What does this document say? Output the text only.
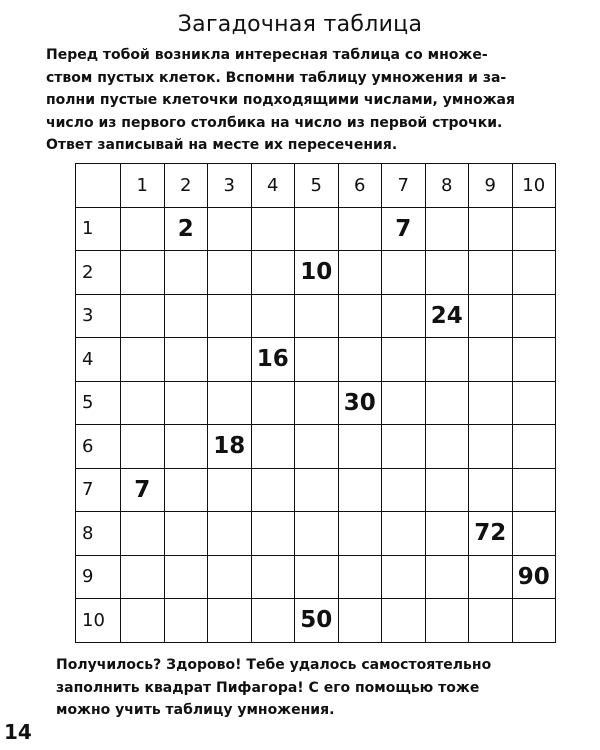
Загадочная таблица
Перед тобой возникла интересная таблица со множе-
ством пустых клеток. Вспомни таблицу умножения и за-
полни пустые клеточки подходящими числами, умножая
число из первого столбика на число из первой строчки.
Ответ записывай на месте их пересечения.
	1	2	3	4	5	6	7	8	9	10
1		2					7			
2					10					
3								24		
4				16						
5						30				
6			18							
7	7									
8									72	
9										90
10					50					
Получилось? Здорово! Тебе удалось самостоятельно
заполнить квадрат Пифагора! С его помощью тоже
можно учить таблицу умножения.
14
